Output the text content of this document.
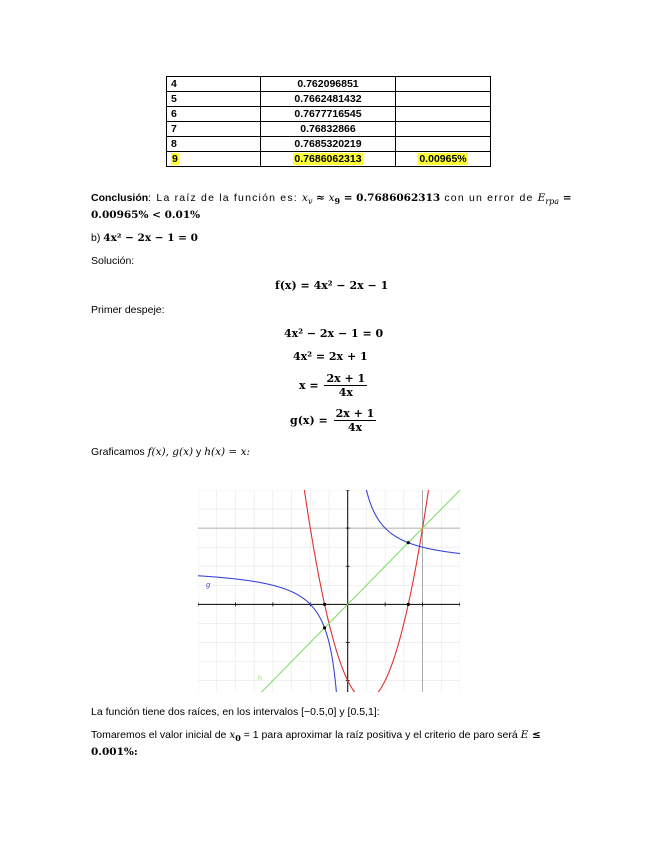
4	0.762096851	
5	0.7662481432	
6	0.7677716545	
7	0.76832866	
8	0.7685320219	
9	0.7686062313	0.00965%
Conclusión: La raíz de la función es: $x_v \approx x_9 = 0.7686062313$ con un error de $E_{rpa}$ =
0.00965% < 0.01%
b) 4x² − 2x − 1 = 0
Solución:
f(x) = 4x² − 2x − 1
Primer despeje:
4x² − 2x − 1 = 0
4x² = 2x + 1
$x = \frac{2x + 1}{4x}$
$g(x) = \frac{2x + 1}{4x}$
Graficamos f(x), g(x) y h(x) = x:
g
h
La función tiene dos raíces, en los intervalos [−0.5,0] y [0.5,1]:
Tomaremos el valor inicial de $x_0 = 1$ para aproximar la raíz positiva y el criterio de paro será E ≤
0.001%:
